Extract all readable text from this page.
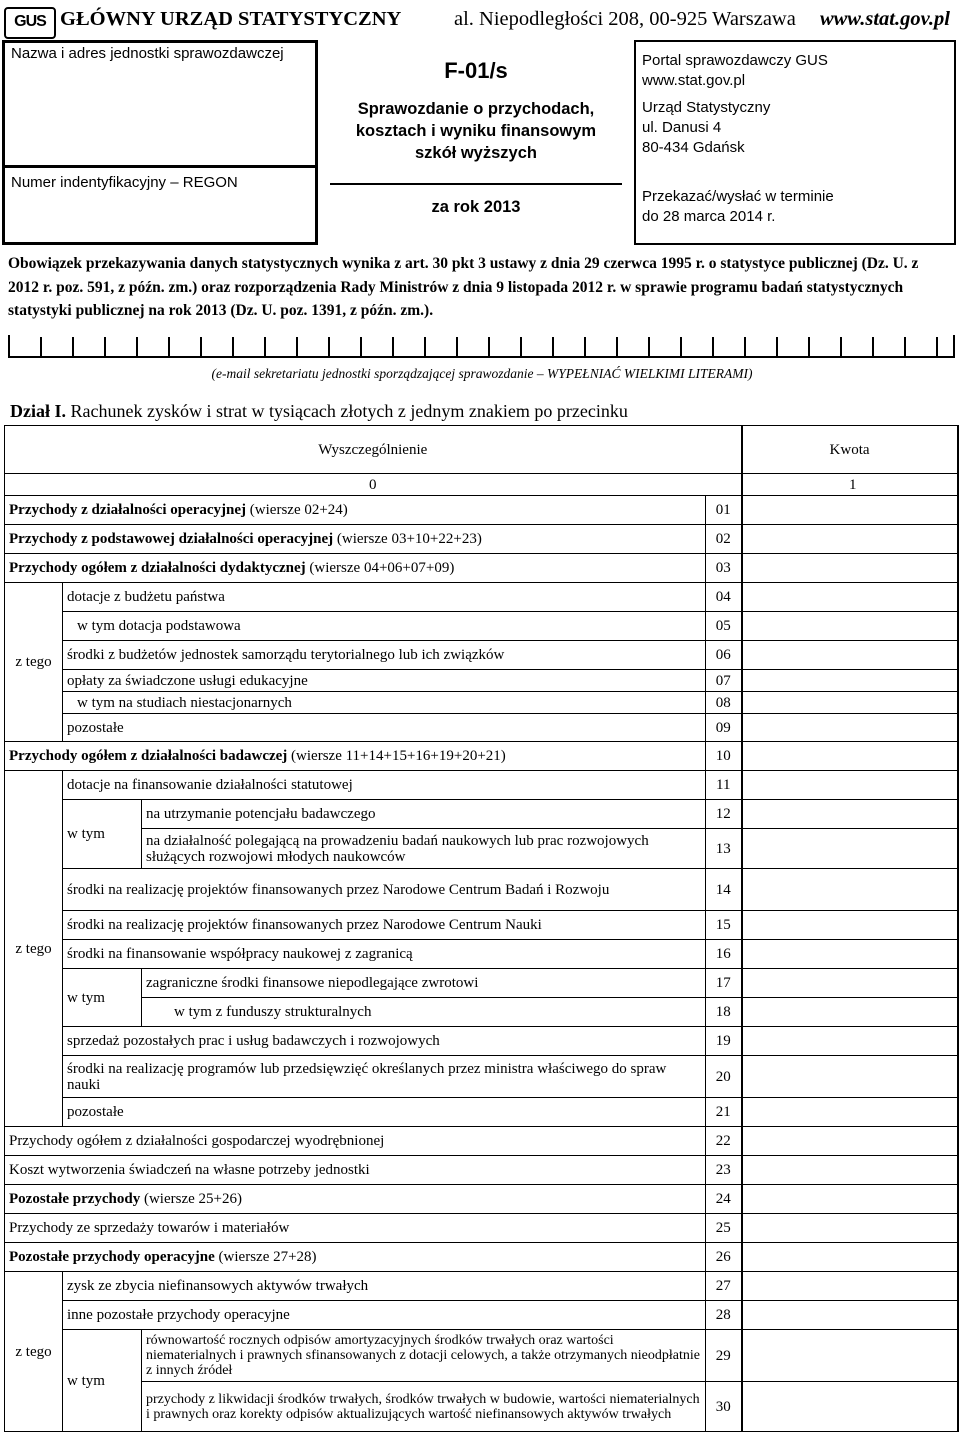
GUS GŁÓWNY URZĄD STATYSTYCZNY	al. Niepodległości 208, 00-925 Warszawa www.stat.gov.pl
Nazwa i adres jednostki sprawozdawczej
Numer indentyfikacyjny – REGON
F-01/s
Sprawozdanie o przychodach,
kosztach i wyniku finansowym
szkół wyższych
za rok 2013
Portal sprawozdawczy GUS
www.stat.gov.pl
Urząd Statystyczny
ul. Danusi 4
80-434 Gdańsk
Przekazać/wysłać w terminie
do 28 marca 2014 r.
Obowiązek przekazywania danych statystycznych wynika z art. 30 pkt 3 ustawy z dnia 29 czerwca 1995 r. o statystyce publicznej (Dz. U. z 2012 r. poz. 591, z późn. zm.) oraz rozporządzenia Rady Ministrów z dnia 9 listopada 2012 r. w sprawie programu badań statystycznych statystyki publicznej na rok 2013 (Dz. U. poz. 1391, z późn. zm.).
(e-mail sekretariatu jednostki sporządzającej sprawozdanie – WYPEŁNIAĆ WIELKIMI LITERAMI)
Dział I. Rachunek zysków i strat w tysiącach złotych z jednym znakiem po przecinku
Wyszczególnienie				Kwota
0				1
Przychody z działalności operacyjnej (wiersze 02+24)			01	
Przychody z podstawowej działalności operacyjnej (wiersze 03+10+22+23)			02	
Przychody ogółem z działalności dydaktycznej (wiersze 04+06+07+09)			03	
z tego	dotacje z budżetu państwa		04	
	w tym dotacja podstawowa		05	
	środki z budżetów jednostek samorządu terytorialnego lub ich związków		06	
	opłaty za świadczone usługi edukacyjne		07	
	w tym na studiach niestacjonarnych		08	
	pozostałe		09	
Przychody ogółem z działalności badawczej (wiersze 11+14+15+16+19+20+21)			10	
z tego	dotacje na finansowanie działalności statutowej		11	
	w tym	na utrzymanie potencjału badawczego	12	
		na działalność polegającą na prowadzeniu badań naukowych lub prac rozwojowych służących rozwojowi młodych naukowców	13	
	środki na realizację projektów finansowanych przez Narodowe Centrum Badań i Rozwoju		14	
	środki na realizację projektów finansowanych przez Narodowe Centrum Nauki		15	
	środki na finansowanie współpracy naukowej z zagranicą		16	
	w tym	zagraniczne środki finansowe niepodlegające zwrotowi	17	
		w tym z funduszy strukturalnych	18	
	sprzedaż pozostałych prac i usług badawczych i rozwojowych		19	
	środki na realizację programów lub przedsięwzięć określanych przez ministra właściwego do spraw nauki		20	
	pozostałe		21	
Przychody ogółem z działalności gospodarczej wyodrębnionej			22	
Koszt wytworzenia świadczeń na własne potrzeby jednostki			23	
Pozostałe przychody (wiersze 25+26)			24	
Przychody ze sprzedaży towarów i materiałów			25	
Pozostałe przychody operacyjne (wiersze 27+28)			26	
z tego	zysk ze zbycia niefinansowych aktywów trwałych		27	
	inne pozostałe przychody operacyjne		28	
	w tym	równowartość rocznych odpisów amortyzacyjnych środków trwałych oraz wartości niematerialnych i prawnych sfinansowanych z dotacji celowych, a także otrzymanych nieodpłatnie z innych źródeł	29	
		przychody z likwidacji środków trwałych, środków trwałych w budowie, wartości niematerialnych i prawnych oraz korekty odpisów aktualizujących wartość niefinansowych aktywów trwałych	30	
